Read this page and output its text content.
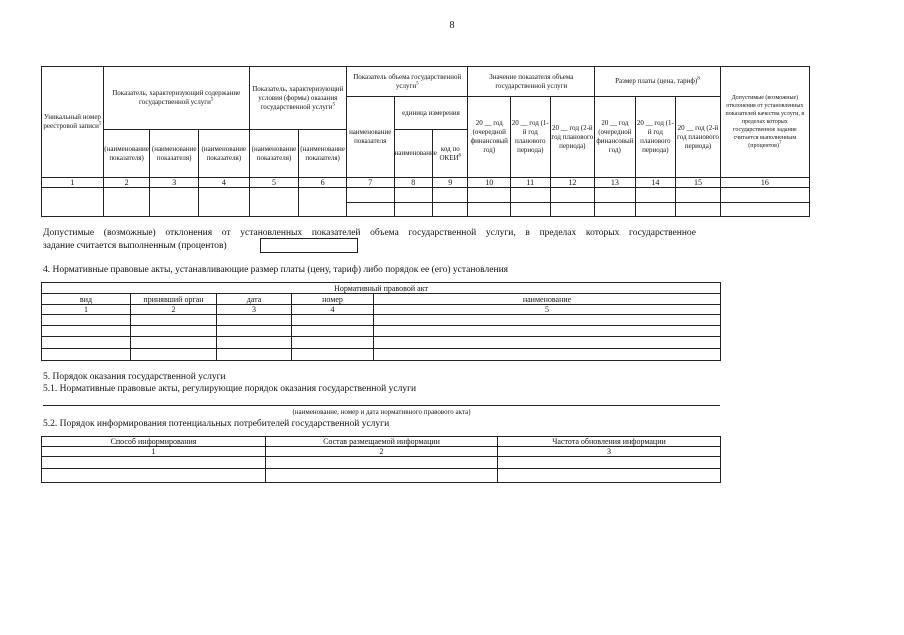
8
Уникальный номер реестровой записи$^5$	Показатель, характеризующий содержание государственной услуги$^5$			Показатель, характеризующий условия (формы) оказания государственной услуги$^5$		Показатель объема государственной услуги$^5$			Значение показателя объема государственной услуги			Размер платы (цена, тариф)$^8$			Допустимые (возможные) отклонения от установленных показателей качества услуги, в пределах которых государственное задание считается выполненным (процентов)$^7$
						наименование показателя	единица измерения		20 __ год (очередной финансовый год)	20 __ год (1-й год планового периода)	20 __ год (2-й год планового периода)	20 __ год (очередной финансовый год)	20 __ год (1-й год планового периода)	20 __ год (2-й год планового периода)	
	(наименование показателя)	(наименование показателя)	(наименование показателя)	(наименование показателя)	(наименование показателя)		наименование	код по ОКЕИ$^6$
1	2	3	4	5	6	7	8	9	10	11	12	13	14	15	16

Допустимые (возможные) отклонения от установленных показателей объема государственной услуги, в пределах которых государственное
задание считается выполненным (процентов)
4. Нормативные правовые акты, устанавливающие размер платы (цену, тариф) либо порядок ее (его) установления
Нормативный правовой акт				
вид	принявший орган	дата	номер	наименование
1	2	3	4	5

5. Порядок оказания государственной услуги
5.1. Нормативные правовые акты, регулирующие порядок оказания государственной услуги
(наименование, номер и дата нормативного правового акта)
5.2. Порядок информирования потенциальных потребителей государственной услуги
Способ информирования	Состав размещаемой информации	Частота обновления информации
1	2	3
